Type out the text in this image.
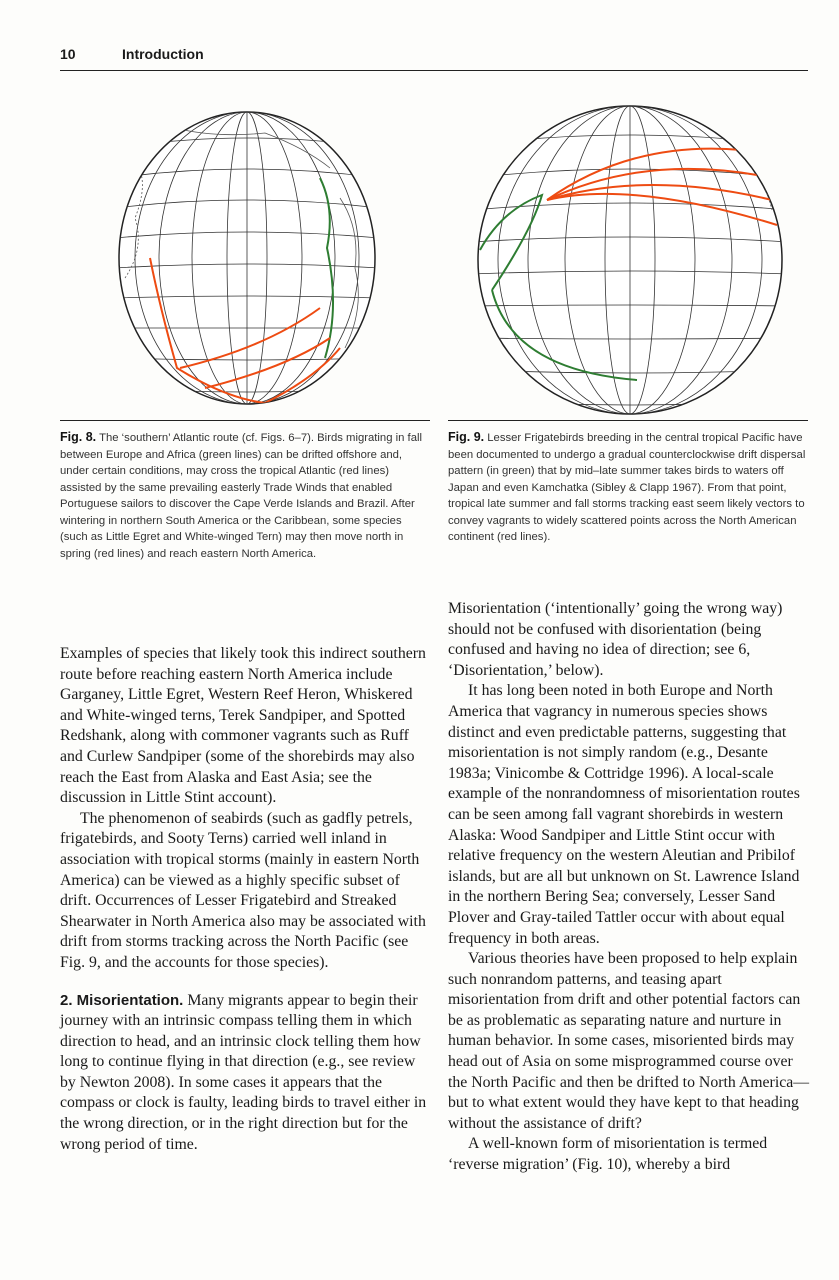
10	Introduction
Fig. 8. The ‘southern’ Atlantic route (cf. Figs. 6–7). Birds migrating in fall between Europe and Africa (green lines) can be drifted offshore and, under certain conditions, may cross the tropical Atlantic (red lines) assisted by the same prevailing easterly Trade Winds that enabled Portuguese sailors to discover the Cape Verde Islands and Brazil. After wintering in northern South America or the Caribbean, some species (such as Little Egret and White-winged Tern) may then move north in spring (red lines) and reach eastern North America.
Fig. 9. Lesser Frigatebirds breeding in the central tropical Pacific have been documented to undergo a gradual counterclockwise drift dispersal pattern (in green) that by mid–late summer takes birds to waters off Japan and even Kamchatka (Sibley & Clapp 1967). From that point, tropical late summer and fall storms tracking east seem likely vectors to convey vagrants to widely scattered points across the North American continent (red lines).

Examples of species that likely took this indirect southern route before reaching eastern North America include Garganey, Little Egret, Western Reef Heron, Whiskered and White-winged terns, Terek Sandpiper, and Spotted Redshank, along with commoner vagrants such as Ruff and Curlew Sandpiper (some of the shorebirds may also reach the East from Alaska and East Asia; see the discussion in Little Stint account).

The phenomenon of seabirds (such as gadfly petrels, frigatebirds, and Sooty Terns) carried well inland in association with tropical storms (mainly in eastern North America) can be viewed as a highly specific subset of drift. Occurrences of Lesser Frigatebird and Streaked Shearwater in North America also may be associated with drift from storms tracking across the North Pacific (see Fig. 9, and the accounts for those species).

2. Misorientation. Many migrants appear to begin their journey with an intrinsic compass telling them in which direction to head, and an intrinsic clock telling them how long to continue flying in that direction (e.g., see review by Newton 2008). In some cases it appears that the compass or clock is faulty, leading birds to travel either in the wrong direction, or in the right direction but for the wrong period of time.

Misorientation (‘intentionally’ going the wrong way) should not be confused with disorientation (being confused and having no idea of direction; see 6, ‘Disorientation,’ below).

It has long been noted in both Europe and North America that vagrancy in numerous species shows distinct and even predictable patterns, suggesting that misorientation is not simply random (e.g., Desante 1983a; Vinicombe & Cottridge 1996). A local-scale example of the nonrandomness of misorientation routes can be seen among fall vagrant shorebirds in western Alaska: Wood Sandpiper and Little Stint occur with relative frequency on the western Aleutian and Pribilof islands, but are all but unknown on St. Lawrence Island in the northern Bering Sea; conversely, Lesser Sand Plover and Gray-tailed Tattler occur with about equal frequency in both areas.

Various theories have been proposed to help explain such nonrandom patterns, and teasing apart misorientation from drift and other potential factors can be as problematic as separating nature and nurture in human behavior. In some cases, misoriented birds may head out of Asia on some misprogrammed course over the North Pacific and then be drifted to North America—but to what extent would they have kept to that heading without the assistance of drift?

A well-known form of misorientation is termed ‘reverse migration’ (Fig. 10), whereby a bird
